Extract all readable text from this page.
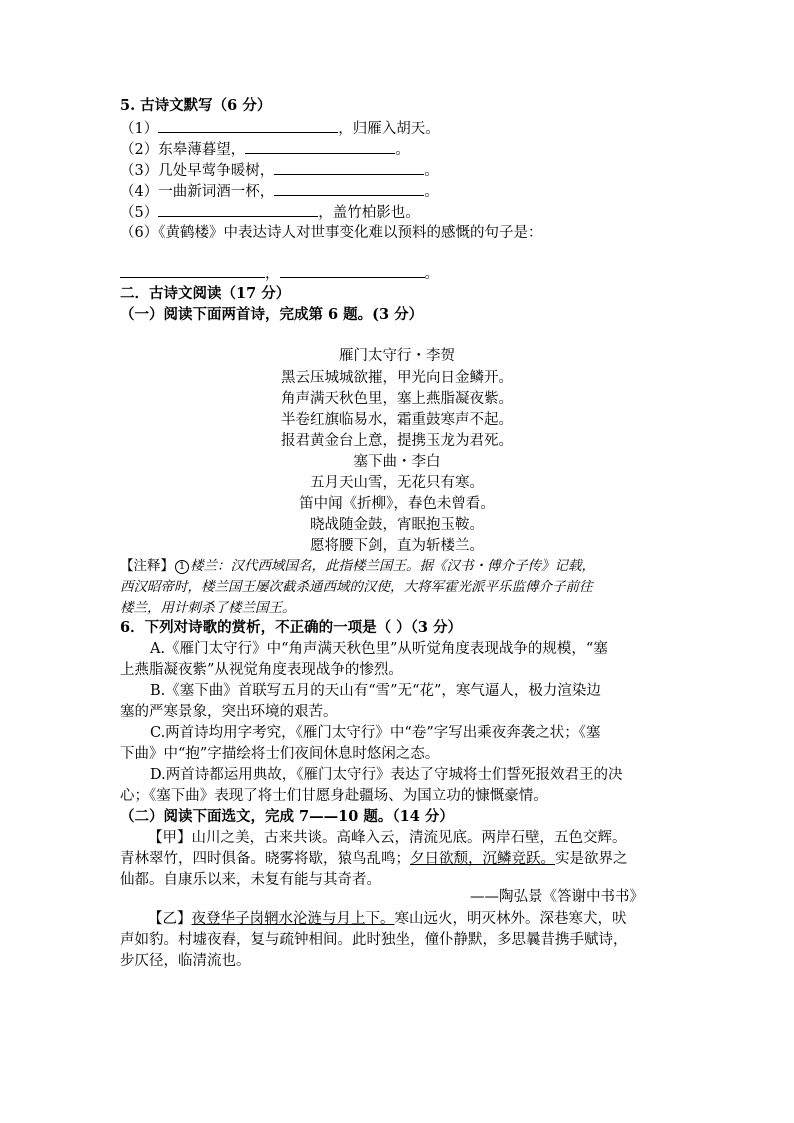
5. 古诗文默写（6 分）
（1）	，归雁入胡天。
（2）东皋薄暮望，	。
（3）几处早莺争暖树，	。
（4）一曲新词酒一杯，	。
（5）	，盖竹柏影也。
（6）《黄鹤楼》中表达诗人对世事变化难以预料的感慨的句子是：
，	。
二．古诗文阅读（17 分）
（一）阅读下面两首诗，完成第 6 题。(3 分）
雁门太守行・李贺
黑云压城城欲摧，甲光向日金鳞开。
角声满天秋色里，塞上燕脂凝夜紫。
半卷红旗临易水，霜重鼓寒声不起。
报君黄金台上意，提携玉龙为君死。
塞下曲・李白
五月天山雪，无花只有寒。
笛中闻《折柳》，春色未曾看。
晓战随金鼓，宵眠抱玉鞍。
愿将腰下剑，直为斩楼兰。
【注释】 1 楼兰：汉代西域国名，此指楼兰国王。据《汉书・傅介子传》记载，
西汉昭帝时，楼兰国王屡次截杀通西域的汉使，大将军霍光派平乐监傅介子前往
楼兰，用计刺杀了楼兰国王。
6．下列对诗歌的赏析，不正确的一项是（ ）（3 分）
A.《雁门太守行》中“角声满天秋色里”从听觉角度表现战争的规模，“塞
上燕脂凝夜紫”从视觉角度表现战争的惨烈。
B.《塞下曲》首联写五月的天山有“雪”无“花”，寒气逼人，极力渲染边
塞的严寒景象，突出环境的艰苦。
C.两首诗均用字考究，《雁门太守行》中“卷”字写出乘夜奔袭之状；《塞
下曲》中“抱”字描绘将士们夜间休息时悠闲之态。
D.两首诗都运用典故，《雁门太守行》表达了守城将士们誓死报效君王的决
心；《塞下曲》表现了将士们甘愿身赴疆场、为国立功的慷慨豪情。
（二）阅读下面选文，完成 7——10 题。（14 分）
【甲】山川之美，古来共谈。高峰入云，清流见底。两岸石壁，五色交辉。
青林翠竹，四时俱备。晓雾将歇，猿鸟乱鸣；夕日欲颓，沉鳞竞跃。实是欲界之
仙都。自康乐以来，未复有能与其奇者。
——陶弘景《答谢中书书》
【乙】夜登华子岗辋水沦涟与月上下。寒山远火，明灭林外。深巷寒犬，吠
声如豹。村墟夜舂，复与疏钟相间。此时独坐，僮仆静默，多思曩昔携手赋诗，
步仄径，临清流也。
